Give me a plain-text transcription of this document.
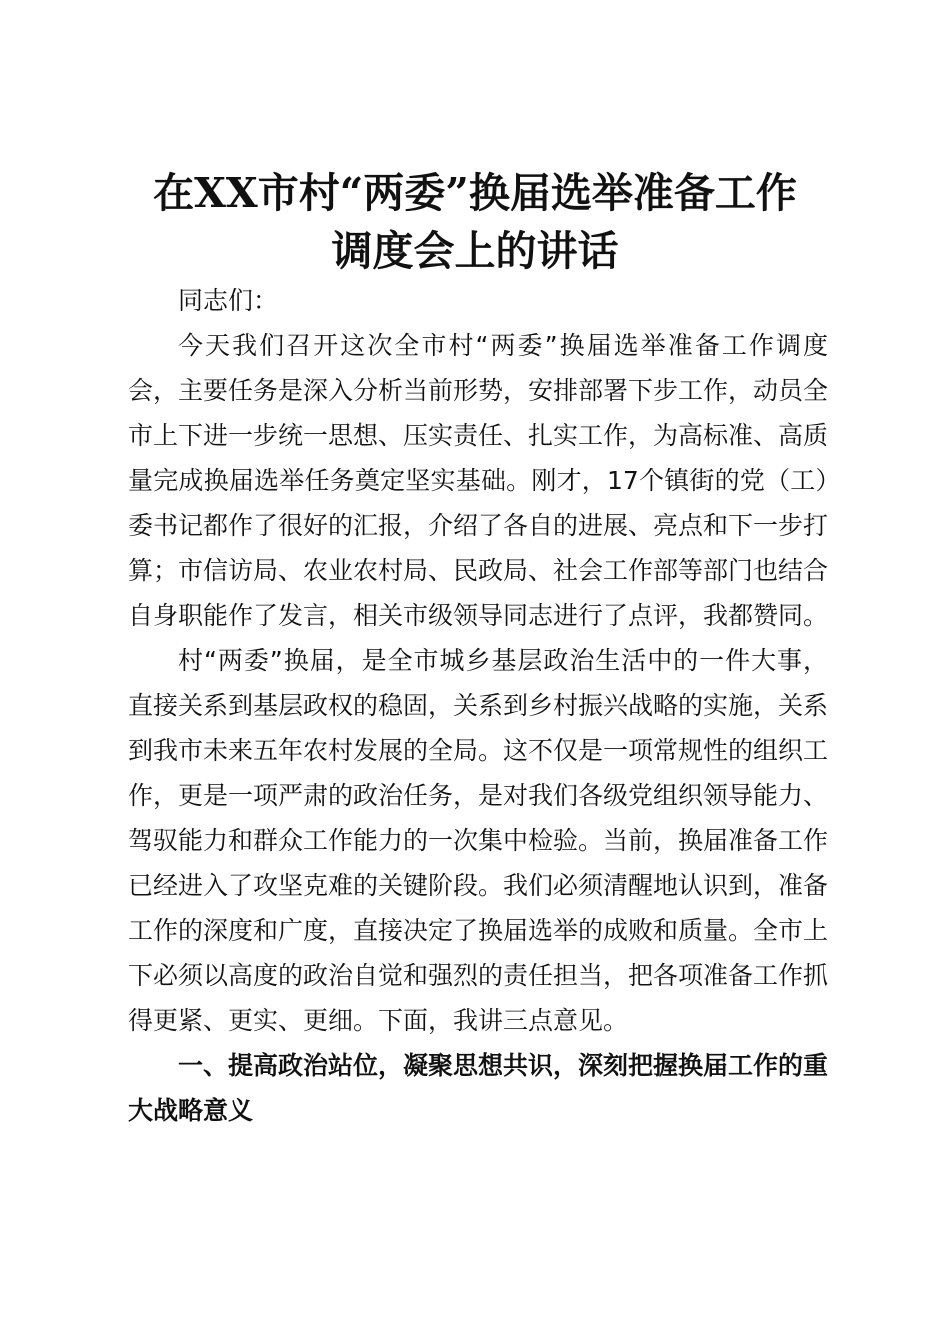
在XX市村“两委”换届选举准备工作
调度会上的讲话

同志们：

今天我们召开这次全市村“两委”换届选举准备工作调度会，主要任务是深入分析当前形势，安排部署下步工作，动员全市上下进一步统一思想、压实责任、扎实工作，为高标准、高质量完成换届选举任务奠定坚实基础。刚才，17个镇街的党（工）委书记都作了很好的汇报，介绍了各自的进展、亮点和下一步打算；市信访局、农业农村局、民政局、社会工作部等部门也结合自身职能作了发言，相关市级领导同志进行了点评，我都赞同。

村“两委”换届，是全市城乡基层政治生活中的一件大事，直接关系到基层政权的稳固，关系到乡村振兴战略的实施，关系到我市未来五年农村发展的全局。这不仅是一项常规性的组织工作，更是一项严肃的政治任务，是对我们各级党组织领导能力、驾驭能力和群众工作能力的一次集中检验。当前，换届准备工作已经进入了攻坚克难的关键阶段。我们必须清醒地认识到，准备工作的深度和广度，直接决定了换届选举的成败和质量。全市上下必须以高度的政治自觉和强烈的责任担当，把各项准备工作抓得更紧、更实、更细。下面，我讲三点意见。

一、提高政治站位，凝聚思想共识，深刻把握换届工作的重大战略意义
